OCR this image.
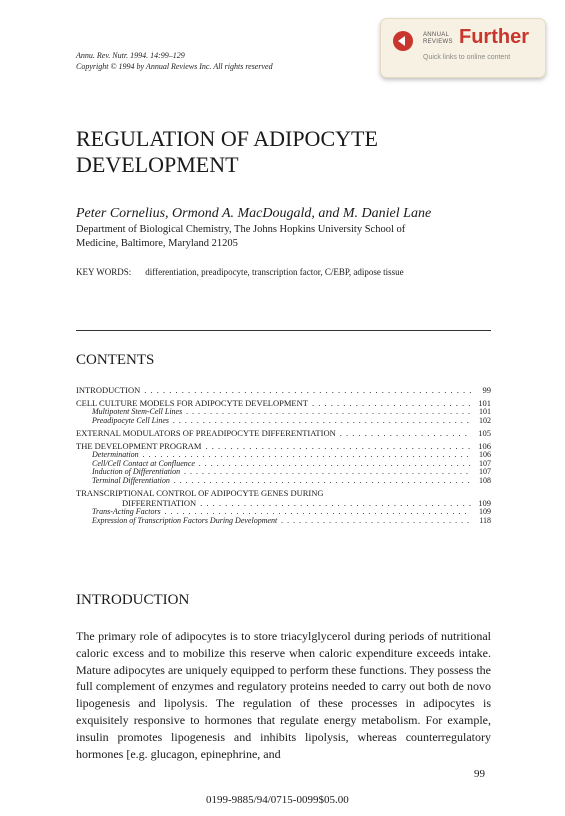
Annu. Rev. Nutr. 1994. 14:99–129
Copyright © 1994 by Annual Reviews Inc. All rights reserved
ANNUAL
REVIEWS Further
Quick links to online content
REGULATION OF ADIPOCYTE
DEVELOPMENT
Peter Cornelius, Ormond A. MacDougald, and M. Daniel Lane
Department of Biological Chemistry, The Johns Hopkins University School of
Medicine, Baltimore, Maryland 21205
KEY WORDS: differentiation, preadipocyte, transcription factor, C/EBP, adipose tissue
CONTENTS
INTRODUCTION . . .	99
CELL CULTURE MODELS FOR ADIPOCYTE DEVELOPMENT . . .	101
Multipotent Stem-Cell Lines . . .	101
Preadipocyte Cell Lines . . .	102
EXTERNAL MODULATORS OF PREADIPOCYTE DIFFERENTIATION . . .	105
THE DEVELOPMENT PROGRAM . . .	106
Determination . . .	106
Cell/Cell Contact at Confluence . . .	107
Induction of Differentiation . . .	107
Terminal Differentiation . . .	108
TRANSCRIPTIONAL CONTROL OF ADIPOCYTE GENES DURING
DIFFERENTIATION . . .	109
Trans-Acting Factors . . .	109
Expression of Transcription Factors During Development . . .	118
INTRODUCTION
The primary role of adipocytes is to store triacylglycerol during periods of nutritional caloric excess and to mobilize this reserve when caloric expenditure exceeds intake. Mature adipocytes are uniquely equipped to perform these functions. They possess the full complement of enzymes and regulatory proteins needed to carry out both de novo lipogenesis and lipolysis. The regulation of these processes in adipocytes is exquisitely responsive to hormones that regulate energy metabolism. For example, insulin promotes lipogenesis and inhibits lipolysis, whereas counterregulatory hormones [e.g. glucagon, epinephrine, and
99
0199-9885/94/0715-0099$05.00
